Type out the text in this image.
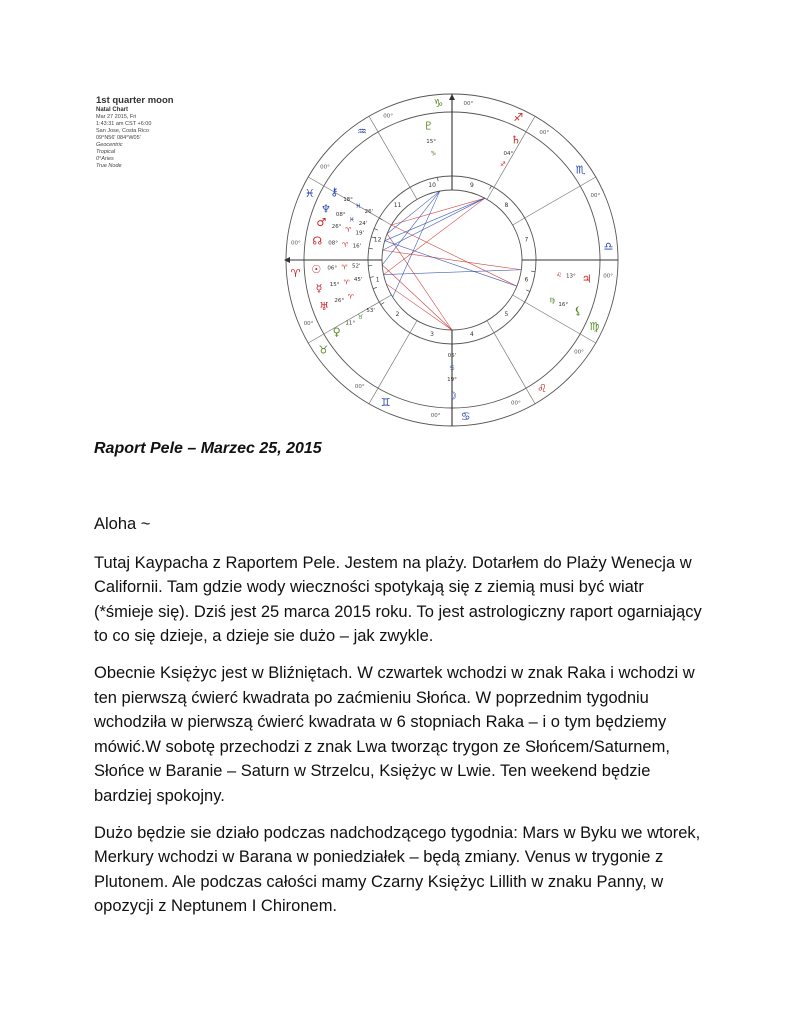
1st quarter moon
Natal Chart
Mar 27 2015, Fri
1:43:31 am CST +6:00
San Jose, Costa Rico
09°N56' 084°W05'
Geocentric
Tropical
0°Aries
True Node
00°
♈	1
00°
♉
2
00°
♊
3
00° ♋
4
00°
♌
5
00°
♍
6
00°
♎
7
00°
♏
8
00°
♐
9
00°
♑
10
00°
♒
11
00°
♓
12
♆ 08°
♓
24'
⚷
18°
♓
26'
♂ 26° ♈ 19'
☊ 08° ♈ 16'
☉ 06° ♈ 52'
☿ 15° ♈ 45'
♅ 26°
♈
♀
11°
♉
53'
☽
19°
♋
05'
⚸
16°
♍
♃
13°
♌
♇
15°
♑
♄
04°
♐
Raport Pele – Marzec 25, 2015

Aloha ~

Tutaj Kaypacha z Raportem Pele. Jestem na plaży. Dotarłem do Plaży Wenecja w Californii. Tam gdzie wody wieczności spotykają się z ziemią musi być wiatr (*śmieje się). Dziś jest 25 marca 2015 roku. To jest astrologiczny raport ogarniający to co się dzieje, a dzieje sie dużo – jak zwykle.

Obecnie Księżyc jest w Bliźniętach. W czwartek wchodzi w znak Raka i wchodzi w ten pierwszą ćwierć kwadrata po zaćmieniu Słońca. W poprzednim tygodniu wchodziła w pierwszą ćwierć kwadrata w 6 stopniach Raka – i o tym będziemy mówić.W sobotę przechodzi z znak Lwa tworząc trygon ze Słońcem/Saturnem, Słońce w Baranie – Saturn w Strzelcu, Księżyc w Lwie. Ten weekend będzie bardziej spokojny.

Dużo będzie sie działo podczas nadchodzącego tygodnia: Mars w Byku we wtorek, Merkury wchodzi w Barana w poniedziałek – będą zmiany. Venus w trygonie z Plutonem. Ale podczas całości mamy Czarny Księżyc Lillith w znaku Panny, w opozycji z Neptunem I Chironem.
